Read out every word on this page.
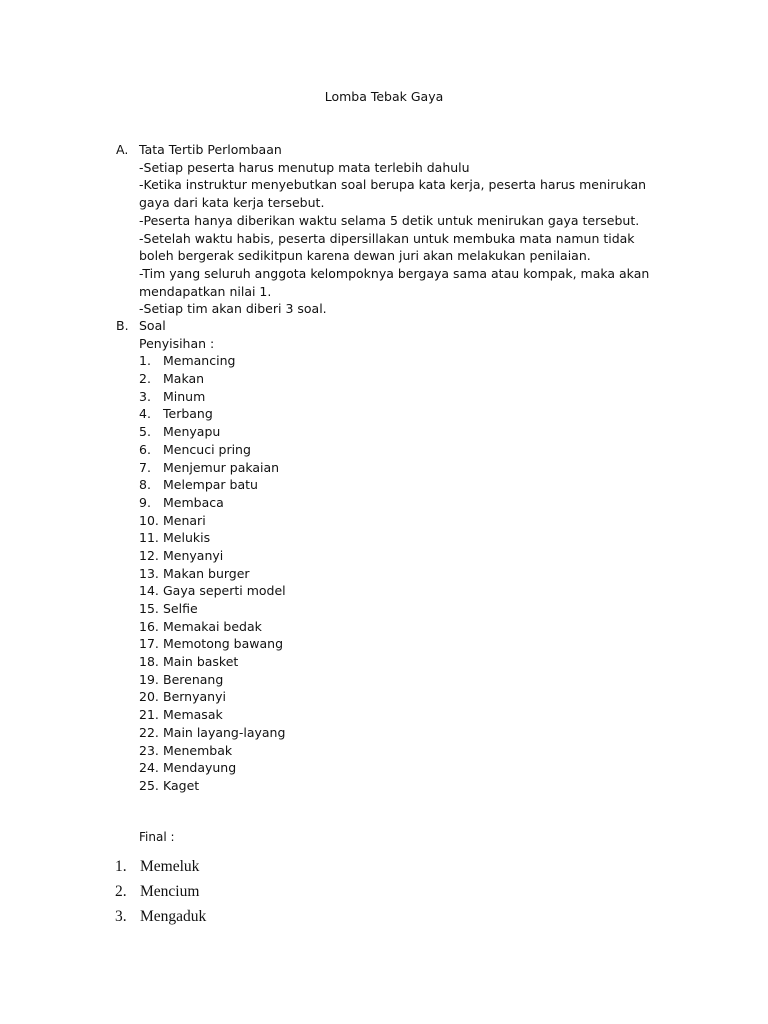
Lomba Tebak Gaya
A. Tata Tertib Perlombaan
-Setiap peserta harus menutup mata terlebih dahulu
-Ketika instruktur menyebutkan soal berupa kata kerja, peserta harus menirukan gaya dari kata kerja tersebut.
-Peserta hanya diberikan waktu selama 5 detik untuk menirukan gaya tersebut.
-Setelah waktu habis, peserta dipersillakan untuk membuka mata namun tidak boleh bergerak sedikitpun karena dewan juri akan melakukan penilaian.
-Tim yang seluruh anggota kelompoknya bergaya sama atau kompak, maka akan mendapatkan nilai 1.
-Setiap tim akan diberi 3 soal.
B. Soal
Penyisihan :
1. Memancing
2. Makan
3. Minum
4. Terbang
5. Menyapu
6. Mencuci pring
7. Menjemur pakaian
8. Melempar batu
9. Membaca
10. Menari
11. Melukis
12. Menyanyi
13. Makan burger
14. Gaya seperti model
15. Selfie
16. Memakai bedak
17. Memotong bawang
18. Main basket
19. Berenang
20. Bernyanyi
21. Memasak
22. Main layang-layang
23. Menembak
24. Mendayung
25. Kaget
Final :
1. Memeluk
2. Mencium
3. Mengaduk
